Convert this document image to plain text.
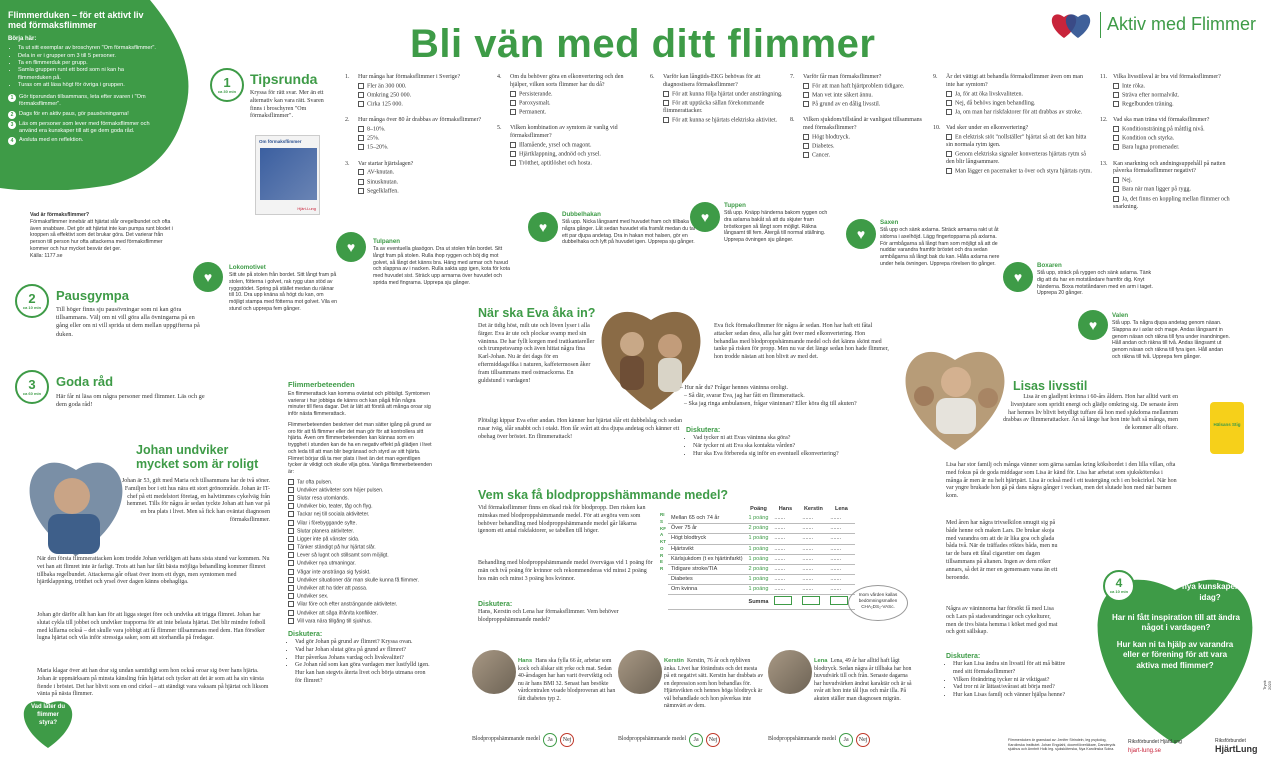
Flimmerduken – för ett aktivt liv med förmaksflimmer
Börja här:
• Ta ut sitt exemplar av broschyren "Om förmaksflimmer".
• Dela in er i grupper om 3 till 5 personer.
• Ta en flimmerduk per grupp.
• Samla gruppen runt ett bord som ni kan ha flimmerduken på.
• Turas om att läsa högt för övriga i gruppen.
1	Gör tipsrundan tillsammans, leta efter svaren i "Om förmaksflimmer".
2	Dags för en aktiv paus, gör pausövningarna!
3	Läs om personer som lever med förmaksflimmer och använd era kunskaper till att ge dem goda råd.
4	Avsluta med en reflektion.
Bli vän med ditt flimmer	Aktiv med Flimmer
Vad är förmaksflimmer?
Förmaksflimmer innebär att hjärtat slår oregelbundet och ofta även snabbare. Det gör att hjärtat inte kan pumpa runt blodet i kroppen så effektivt som det brukar göra. Det varierar från person till person hur ofta attackerna med förmaksflimmer kommer och hur mycket besvär det ger.
Källa: 1177.se
1
ca 30 min
Tipsrunda
Kryssa för rätt svar. Mer än ett alternativ kan vara rätt. Svaren finns i broschyren "Om förmaksflimmer".
Om förmaksflimmer
Hjärt-Lung
1.	Hur många har förmaksflimmer i Sverige?
Fler än 300 000.
Omkring 250 000.
Cirka 125 000.
2.	Hur många över 80 år drabbas av förmaksflimmer?
8–10%.
25%.
15–20%.
3.	Var startar hjärtslagen?
AV-knutan.
Sinusknutan.
Segelklaffen.
4.	Om du behöver göra en elkonvertering och den hjälper, vilken sorts flimmer har du då?
Persisterande.
Paroxysmalt.
Permanent.
5.	Vilken kombination av symtom är vanlig vid förmaksflimmer?
Illamående, yrsel och magont.
Hjärtklappning, andnöd och yrsel.
Trötthet, aptitlöshet och hosta.
6.	Varför kan långtids-EKG behövas för att diagnostisera förmaksflimmer?
För att kunna följa hjärtat under ansträngning.
För att upptäcka sällan förekommande flimmerattacker.
För att kunna se hjärtats elektriska aktivitet.
7.	Varför får man förmaksflimmer?
För att man haft hjärtproblem tidigare.
Man vet inte säkert ännu.
På grund av en dålig livsstil.
8.	Vilken sjukdom/tillstånd är vanligast tillsammans med förmaksflimmer?
Högt blodtryck.
Diabetes.
Cancer.
9.	Är det vättigt att behandla förmaksflimmer även om man inte har symtom?
Ja, för att öka livskvaliteten.
Nej, då behövs ingen behandling.
Ja, om man har riskfaktorer för att drabbas av stroke.
10. Vad sker under en elkonvertering?
En elektrisk stöt "nollställer" hjärtat så att det kan hitta sin normala rytm igen.
Genom elektriska signaler konverteras hjärtats rytm så den blir långsammare.
Man lägger en pacemaker ta över och styra hjärtats rytm.
11. Vilka livsstilsval är bra vid förmaksflimmer?
Inte röka.
Sträva efter normalvikt.
Regelbunden träning.
12. Vad ska man träna vid förmaksflimmer?
Konditionsträning på måttlig nivå.
Kondition och styrka.
Bara lugna promenader.
13. Kan snarkning och andningsuppehåll på natten påverka förmaksflimmer negativt?
Nej.
Bara när man ligger på rygg.
Ja, det finns en koppling mellan flimmer och snarkning.
♥
Lokomotivet
Sitt ute på stolen från bordet. Sitt långt fram på stolen, fötterna i golvet, rak rygg utan stöd av ryggstödet. Spring på stället medan du räknar till 10. Dra upp knäna så högt du kan, om möjligt stampa med fötterna mot golvet. Vila en stund och upprepa fem gånger.
♥	Tulpanen
Ta av eventuella glasögon. Dra ut stolen från bordet. Sitt långt fram på stolen. Rulla ihop ryggen och böj dig mot golvet, så långt det känns bra. Häng med armar och huvud och slappna av i nacken. Rulla sakta upp igen, kota för kota med huvudet sist. Sträck upp armarna över huvudet och sprida med fingrarna. Upprepa sju gånger.
♥
Dubbelhakan
Stå upp. Nicka långsamt med huvudet fram och tillbaka några gånger. Låt sedan huvudet vila framåt medan du tar ett par djupa andetag. Dra in hakan mot halsen, gör en dubbelhaka och lyft på huvudet igen. Upprepa sju gånger.
♥
Tuppen
Stå upp. Knäpp händerna bakom ryggen och dra axlarna bakåt så att du skjuter fram bröstkorgen så långt som möjligt. Räkna långsamt till fem. Återgå till normal ställning. Upprepa övningen sju gånger.	♥
Saxen
Stå upp och sänk axlarna. Sträck armarna rakt ut åt sidorna i axelhöjd. Lägg fingertopparna på axlarna. För armbågarna så långt fram som möjligt så att de nuddar varandra framför bröstet och dra sedan armbågarna så långt bak du kan. Hålla axlarna nere under hela övningen. Upprepa rörelsen tio gånger.
♥
Boxaren
Stå upp, sträck på ryggen och sänk axlarna. Tänk dig att du har en motståndare framför dig. Knyt händerna. Boxa motståndaren med en arm i taget. Upprepa 20 gånger.
♥
Valen
Stå upp. Ta några djupa andetag genom näsan. Slappna av i axlar och mage. Andas långsamt in genom näsan och räkna till fyra under inandningen. Håll andan och räkna till två. Andas långsamt ut genom näsan och räkna till fyra igen. Håll andan och räkna till två. Upprepa fem gånger.
2
ca 10 min
Pausgympa
Till höger finns sju pausövningar som ni kan göra tillsammans. Välj om ni vill göra alla övningarna på en gång eller om ni vill sprida ut dem mellan uppgifterna på duken.
3
ca 60 min
Goda råd
Här får ni läsa om några personer med flimmer. Läs och ge dem goda råd!
Johan undviker mycket som är roligt
Johan är 53, gift med Maria och tillsammans har de två söner. Familjen bor i ett hus nära ett stort grönområde. Johan är IT-chef på ett medelstort företag, en halvtimmes cykelväg från hemmet. Tills för några år sedan tyckte Johan att han var på en bra plats i livet. Men så fick han oväntat diagnosen förmaksflimmer.
När den första flimmerattacken kom trodde Johan verkligen att hans sista stund var kommen. Nu vet han att flimret inte är farligt. Trots att han har fått bästa möjliga behandling kommer flimret tillbaka regelbundet. Attackerna går oftast över inom ett dygn, men symtomen med hjärtklappning, trötthet och yrsel över dagen känns obehagliga.
Johan gör därför allt han kan för att ligga steget före och undvika att trigga flimret. Johan har slutat cykla till jobbet och undviker trapporna för att inte belasta hjärtat. Det blir mindre fotboll med killarna också – det skulle vara jobbigt att få flimmer tillsammans med dem. Han försöker lugna hjärtat och vila inför stressiga saker, som att storhandla på fredagar.
Maria klagar över att han drar sig undan samtidigt som hon också oroar sig över hans hjärta. Johan är uppmärksam på minsta känsling från hjärtat och tycker att det är som att ha sin värsta fiende i bröstet. Det har blivit som en ond cirkel – att ständigt vara vaksam på hjärtat och liksom vänta på nästa flimmer.
Vad låter du flimmer styra?
Flimmerbeteenden
En flimmerattack kan komma oväntat och plötsligt. Symtomen varierar i hur jobbiga de känns och kan pågå från några minuter till flera dagar. Det är lätt att förstå att många oroar sig inför nästa flimmerattack.
Flimmerbeteenden beskriver det man sätter igång på grund av oro för att få flimmer eller det man gör för att kontrollera sitt hjärta. Även om flimmerbeteenden kan kännas som en trygghet i stunden kan de ha en negativ effekt på glädjen i livet och leda till att man blir begränsad och styrd av sitt hjärta. Flimret börjar då ta mer plats i livet än det man egentligen tycker är viktigt och skulle vilja göra. Vanliga flimmerbeteenden är:
Tar ofta pulsen.
Undviker aktiviteter som höjer pulsen.
Slutar resa utomlands.
Undviker bio, teater, tåg och flyg.
Tackar nej till sociala aktiviteter.
Vilar i förebyggande syfte.
Slutar planera aktiviteter.
Ligger inte på vänster sida.
Tänker ständigt på hur hjärtat slår.
Lever så lugnt och stillsamt som möjligt.
Undviker nya utmaningar.
Vågar inte anstränga sig fysiskt.
Undviker situationer där man skulle kunna få flimmer.
Undviker att ha tider att passa.
Undviker sex.
Vilar före och efter ansträngande aktiviteter.
Undviker att såga ifrån/ta konflikter.
Vill vara nära tillgång till sjukhus.
Diskutera:
• Vad gör Johan på grund av flimret? Kryssa ovan.
• Vad har Johan slutat göra på grund av flimret?
• Hur påverkas Johans vardag och livskvalitet?
• Ge Johan råd som kan göra vardagen mer lustfylld igen. Hur kan han stegvis återta livet och börja utmana oron för flimret?
När ska Eva åka in?
Det är tidig höst, milt ute och löven lyser i alla färger. Eva är ute och plockar svamp med sin väninna. De har fyllt korgen med trattkantareller och trumpetsvamp och även hittat några fina Karl-Johan. Nu är det dags för en eftermiddagsfika i naturen, kaffetermosen åker fram tillsammans med ostmackorna. En guldstund i vardagen!
Plötsligt kippar Eva efter andan. Hon känner hur hjärtat slår ett dubbelslag och sedan rusar iväg, slår snabbt och i otakt. Hon får svårt att dra djupa andetag och känner ett obehag över bröstet. En flimmerattack!
Eva fick förmaksflimmer för några år sedan. Hon har haft ett fåtal attacker sedan dess, alla har gått över med elkonvertering. Hon behandlas med blodproppshämmande medel och det känns skönt med tanke på risken för propp. Men nu var det länge sedan hon hade flimmer, hon trodde nästan att hon blivit av med det.
– Hur når du? Frågar hennes väninna oroligt.
– Så där, svarar Eva, jag har fått en flimmerattack.
– Ska jag ringa ambulansen, frågar väninnan? Eller köra dig till akuten?
Diskutera:
• Vad tycker ni att Evas väninna ska göra?
• När tycker ni att Eva ska kontakta vården?
• Hur ska Eva förbereda sig inför en eventuell elkonvertering?
Vem ska få blodproppshämmande medel?
Vid förmaksflimmer finns en ökad risk för blodpropp. Den risken kan minskas med blodproppshämmande medel. För att avgöra vem som behöver behandling med blodproppshämmande medel går läkarna igenom ett antal riskfaktorer, se tabellen till höger.
Behandling med blodproppshämmande medel övervägas vid 1 poäng för män och två poäng för kvinnor och rekommenderas vid minst 2 poäng hos män och minst 3 poäng hos kvinnor.
Diskutera:
Hans, Kerstin och Lena har förmaksflimmer. Vem behöver blodproppshämmande medel?
RISKFAKTORER
	Poäng	Hans	Kerstin	Lena
Mellan 65 och 74 år	1 poäng	.......	.......	.......
Över 75 år	2 poäng	.......	.......	.......
Högt blodtryck	1 poäng	.......	.......	.......
Hjärtsvikt	1 poäng	.......	.......	.......
Kärlsjukdom (t ex hjärtinfarkt)	1 poäng	.......	.......	.......
Tidigare stroke/TIA	2 poäng	.......	.......	.......
Diabetes	1 poäng	.......	.......	.......
Om kvinna	1 poäng	.......	.......	.......
	Summa			
Inom vården kallas bedömningsmallen CHA₂DS₂-VASc.
Hans Hans ska fylla 66 år, arbetar som kock och älskar sitt yrke och mat. Sedan 40-årsdagen har han varit överviktig och nu är hans BMI 32. Senast han besökte vårdcentralen visade blodproveran att han fått diabetes typ 2.
Blodproppshämmande medel	Ja	Nej
Kerstin Kerstin, 76 år och nybliven änka. Livet har förändrats och det mesta på ett negativt sätt. Kerstin har drabbats av en depression som hon behandlas för. Hjärtsvikten och hennes höga blodtryck är väl behandlade och hon påverkas inte nämnvärt av dem.
Blodproppshämmande medel	Ja	Nej
Lena Lena, 49 år har alltid haft lågt blodtryck. Sedan några år tillbaka har hon huvudvärk till och från. Senaste dagarna har huvudvärken ändrat karaktär och är så svår att hon inte tål ljus och mår illa. På akuten ställer man diagnosen migrän.
Blodproppshämmande medel	Ja	Nej
Lisas livsstil
Lisa är en gladlynt kvinna i 60-års åldern. Hon har alltid varit en livsnjutare som spridit energi och glädje omkring sig. De senaste åren har hennes liv blivit betydligt tuffare då hon med sjukdoma mellanrum drabbas av flimmerattacker. Än så länge har hon inte haft så många, men de kommer allt oftare.
Lisa har stor familj och många vänner som gärna samlas kring köksbordet i den lilla villan, ofta med fokus på de goda middagar som Lisa är känd för. Lisa har arbetat som sjuksköterska i många år men är nu helt hjärtpärt. Lisa är också med i ett teatergäng och i en bokcirkel. När hon var yngre brukade hon gå på dans några gånger i veckan, men det slutade hon med när barnen kom.
Med åren har några trivselkilon smugit sig på både henne och maken Lars. De brukar skoja med varandra om att de är lika goa och glada båda två. När de träffades röktes båda, men nu tar de bara ett fåtal cigaretter om dagen tillsammans på altanen. Ingen av dem röker annars, så det är mer en gemensam vana än ett beroende.
Några av väninnorna har försökt få med Lisa och Lars på stadsvandringar och cykelturer, men de tivs bästa hemma i köket med god mat och gott sällskap.
Diskutera:
• Hur kan Lisa ändra sin livsstil för att må bättre med sitt förmaksflimmer?
• Vilken förändring tycker ni är viktigast?
• Vad tror ni är lättast/svårast att börja med?
• Hur kan Lisas familj och vänner hjälpa henne?
Hälsans Stig
4
ca 10 min
Har ni fått några nya kunskaper idag?
Har ni fått inspiration till att ändra något i vardagen?
Hur kan ni ta hjälp av varandra eller er förening för att vara aktiva med flimmer?
Flimmerduken är granskad av: Jenifer Strindeln, leg psykolog, Karolinska Institutet. Johan Engdahl, docent/överläkare, Danderyds sjukhus och Annbrit Holk leg. sjuksköterska, Nya Karolinska Solna.
Riksförbundet HjärtLung
hjart-lung.se
Riksförbundet
HjärtLung
Tryck 2023
